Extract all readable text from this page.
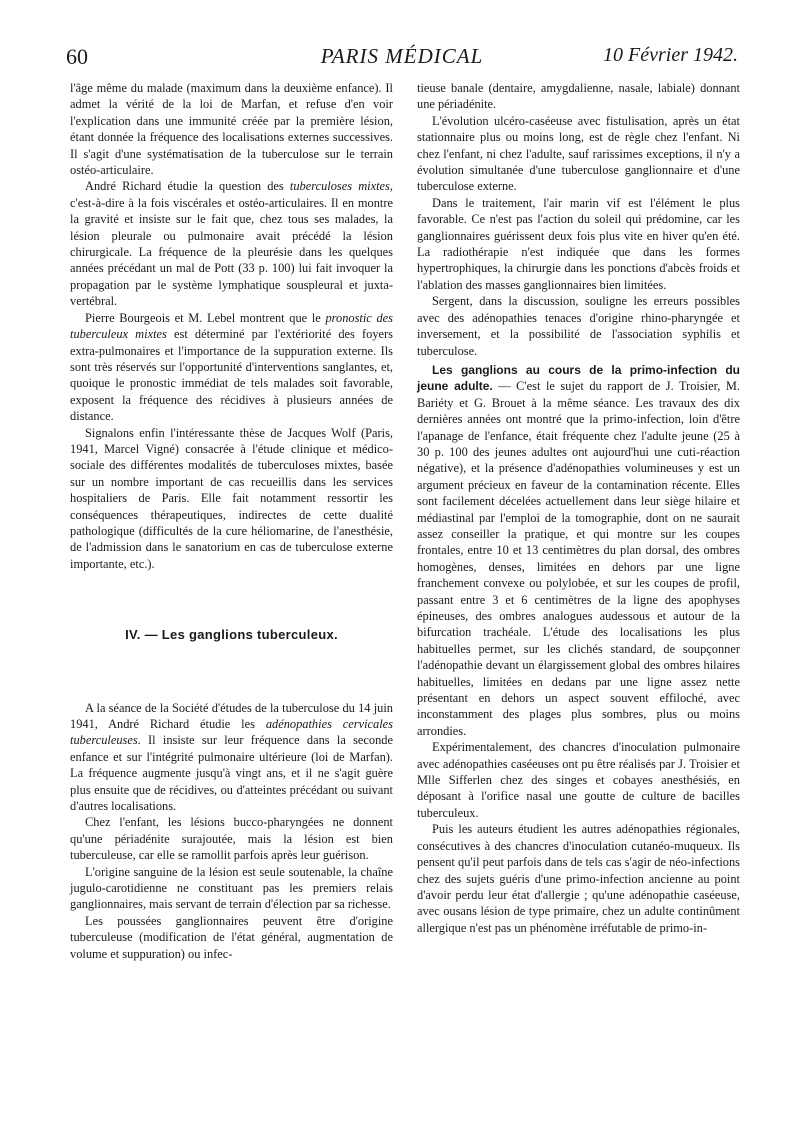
60	PARIS MÉDICAL	10 Février 1942.

l'âge même du malade (maximum dans la deuxième enfance). Il admet la vérité de la loi de Marfan, et refuse d'en voir l'explication dans une immunité créée par la première lésion, étant donnée la fréquence des localisations externes successives. Il s'agit d'une systématisation de la tuberculose sur le terrain ostéo-articulaire.

André Richard étudie la question des tuberculoses mixtes, c'est-à-dire à la fois viscérales et ostéo-articulaires. Il en montre la gravité et insiste sur le fait que, chez tous ses malades, la lésion pleurale ou pulmonaire avait précédé la lésion chirurgicale. La fréquence de la pleurésie dans les quelques années précédant un mal de Pott (33 p. 100) lui fait invoquer la propagation par le système lymphatique souspleural et juxta-vertébral.

Pierre Bourgeois et M. Lebel montrent que le pronostic des tuberculeux mixtes est déterminé par l'extériorité des foyers extra-pulmonaires et l'importance de la suppuration externe. Ils sont très réservés sur l'opportunité d'interventions sanglantes, et, quoique le pronostic immédiat de tels malades soit favorable, exposent la fréquence des récidives à plusieurs années de distance.

Signalons enfin l'intéressante thèse de Jacques Wolf (Paris, 1941, Marcel Vigné) consacrée à l'étude clinique et médico-sociale des différentes modalités de tuberculoses mixtes, basée sur un nombre important de cas recueillis dans les services hospitaliers de Paris. Elle fait notamment ressortir les conséquences thérapeutiques, indirectes de cette dualité pathologique (difficultés de la cure héliomarine, de l'anesthésie, de l'admission dans le sanatorium en cas de tuberculose externe importante, etc.).

IV. — Les ganglions tuberculeux.

A la séance de la Société d'études de la tuberculose du 14 juin 1941, André Richard étudie les adénopathies cervicales tuberculeuses. Il insiste sur leur fréquence dans la seconde enfance et sur l'intégrité pulmonaire ultérieure (loi de Marfan). La fréquence augmente jusqu'à vingt ans, et il ne s'agit guère plus ensuite que de récidives, ou d'atteintes précédant ou suivant d'autres localisations.

Chez l'enfant, les lésions bucco-pharyngées ne donnent qu'une périadénite surajoutée, mais la lésion est bien tuberculeuse, car elle se ramollit parfois après leur guérison.

L'origine sanguine de la lésion est seule soutenable, la chaîne jugulo-carotidienne ne constituant pas les premiers relais ganglionnaires, mais servant de terrain d'élection par sa richesse.

Les poussées ganglionnaires peuvent être d'origine tuberculeuse (modification de l'état général, augmentation de volume et suppuration) ou infec-

tieuse banale (dentaire, amygdalienne, nasale, labiale) donnant une périadénite.

L'évolution ulcéro-caséeuse avec fistulisation, après un état stationnaire plus ou moins long, est de règle chez l'enfant. Ni chez l'enfant, ni chez l'adulte, sauf rarissimes exceptions, il n'y a évolution simultanée d'une tuberculose ganglionnaire et d'une tuberculose externe.

Dans le traitement, l'air marin vif est l'élément le plus favorable. Ce n'est pas l'action du soleil qui prédomine, car les ganglionnaires guérissent deux fois plus vite en hiver qu'en été. La radiothérapie n'est indiquée que dans les formes hypertrophiques, la chirurgie dans les ponctions d'abcès froids et l'ablation des masses ganglionnaires bien limitées.

Sergent, dans la discussion, souligne les erreurs possibles avec des adénopathies tenaces d'origine rhino-pharyngée et inversement, et la possibilité de l'association syphilis et tuberculose.

Les ganglions au cours de la primo-infection du jeune adulte. — C'est le sujet du rapport de J. Troisier, M. Bariéty et G. Brouet à la même séance. Les travaux des dix dernières années ont montré que la primo-infection, loin d'être l'apanage de l'enfance, était fréquente chez l'adulte jeune (25 à 30 p. 100 des jeunes adultes ont aujourd'hui une cuti-réaction négative), et la présence d'adénopathies volumineuses y est un argument précieux en faveur de la contamination récente. Elles sont facilement décelées actuellement dans leur siège hilaire et médiastinal par l'emploi de la tomographie, dont on ne saurait assez conseiller la pratique, et qui montre sur les coupes frontales, entre 10 et 13 centimètres du plan dorsal, des ombres homogènes, denses, limitées en dehors par une ligne franchement convexe ou polylobée, et sur les coupes de profil, passant entre 3 et 6 centimètres de la ligne des apophyses épineuses, des ombres analogues audessous et autour de la bifurcation trachéale. L'étude des localisations les plus habituelles permet, sur les clichés standard, de soupçonner l'adénopathie devant un élargissement global des ombres hilaires habituelles, limitées en dedans par une ligne assez nette présentant en dehors un aspect souvent effiloché, avec inconstamment des plages plus sombres, plus ou moins arrondies.

Expérimentalement, des chancres d'inoculation pulmonaire avec adénopathies caséeuses ont pu être réalisés par J. Troisier et Mlle Sifferlen chez des singes et cobayes anesthésiés, en déposant à l'orifice nasal une goutte de culture de bacilles tuberculeux.

Puis les auteurs étudient les autres adénopathies régionales, consécutives à des chancres d'inoculation cutanéo-muqueux. Ils pensent qu'il peut parfois dans de tels cas s'agir de néo-infections chez des sujets guéris d'une primo-infection ancienne au point d'avoir perdu leur état d'allergie ; qu'une adénopathie caséeuse, avec ousans lésion de type primaire, chez un adulte continûment allergique n'est pas un phénomène irréfutable de primo-in-
